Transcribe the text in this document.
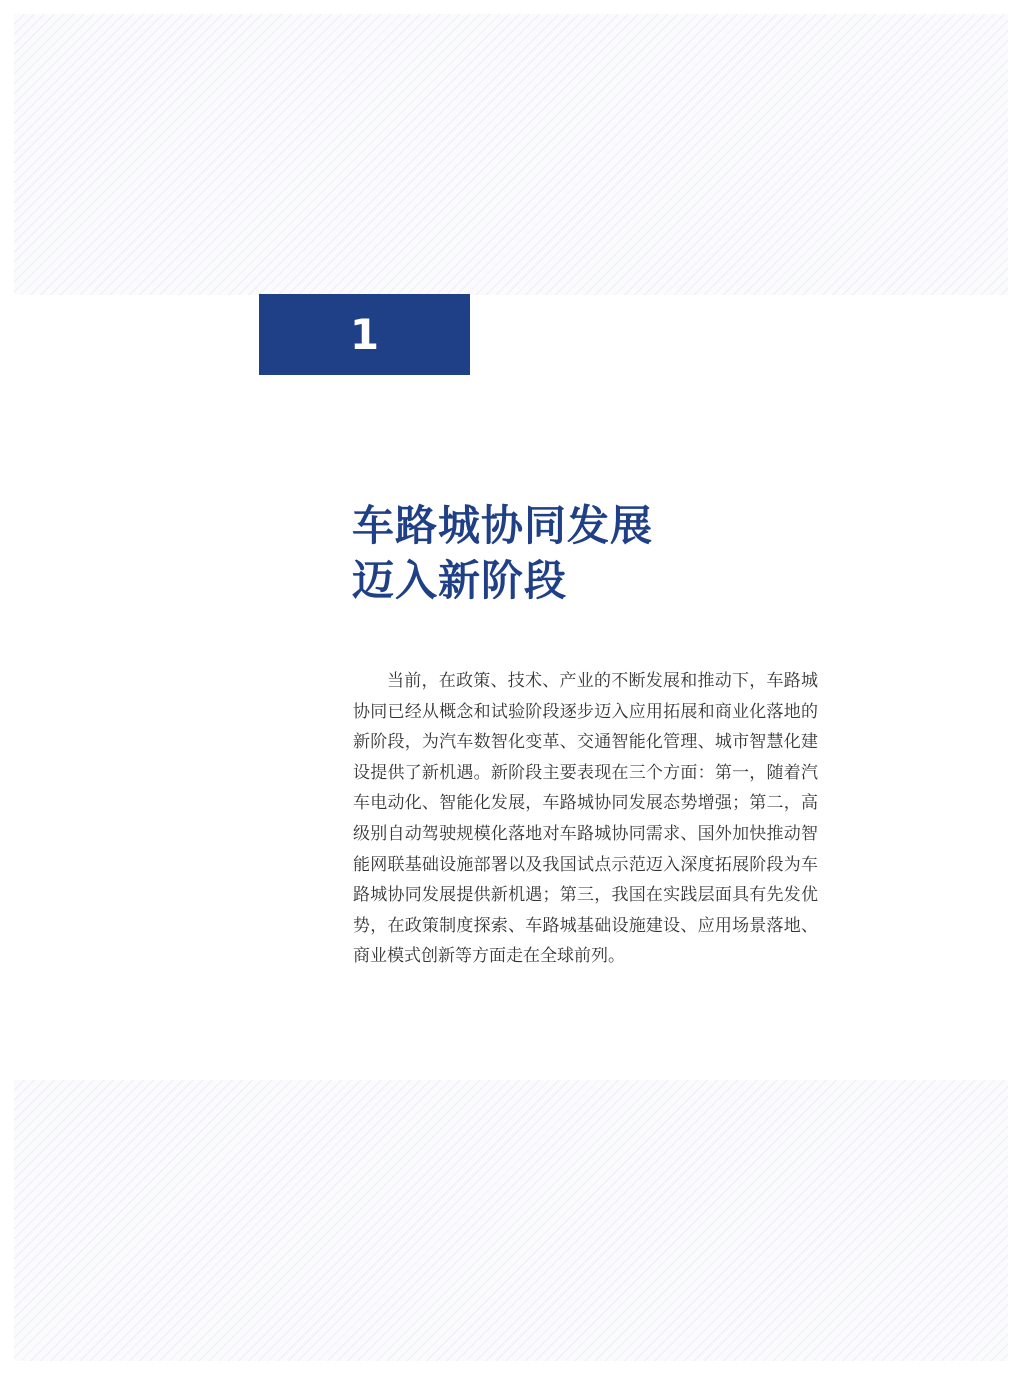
1
车路城协同发展
迈入新阶段

当前，在政策、技术、产业的不断发展和推动下，车路城协同已经从概念和试验阶段逐步迈入应用拓展和商业化落地的新阶段，为汽车数智化变革、交通智能化管理、城市智慧化建设提供了新机遇。新阶段主要表现在三个方面：第一，随着汽车电动化、智能化发展，车路城协同发展态势增强；第二，高级别自动驾驶规模化落地对车路城协同需求、国外加快推动智能网联基础设施部署以及我国试点示范迈入深度拓展阶段为车路城协同发展提供新机遇；第三，我国在实践层面具有先发优势，在政策制度探索、车路城基础设施建设、应用场景落地、商业模式创新等方面走在全球前列。
